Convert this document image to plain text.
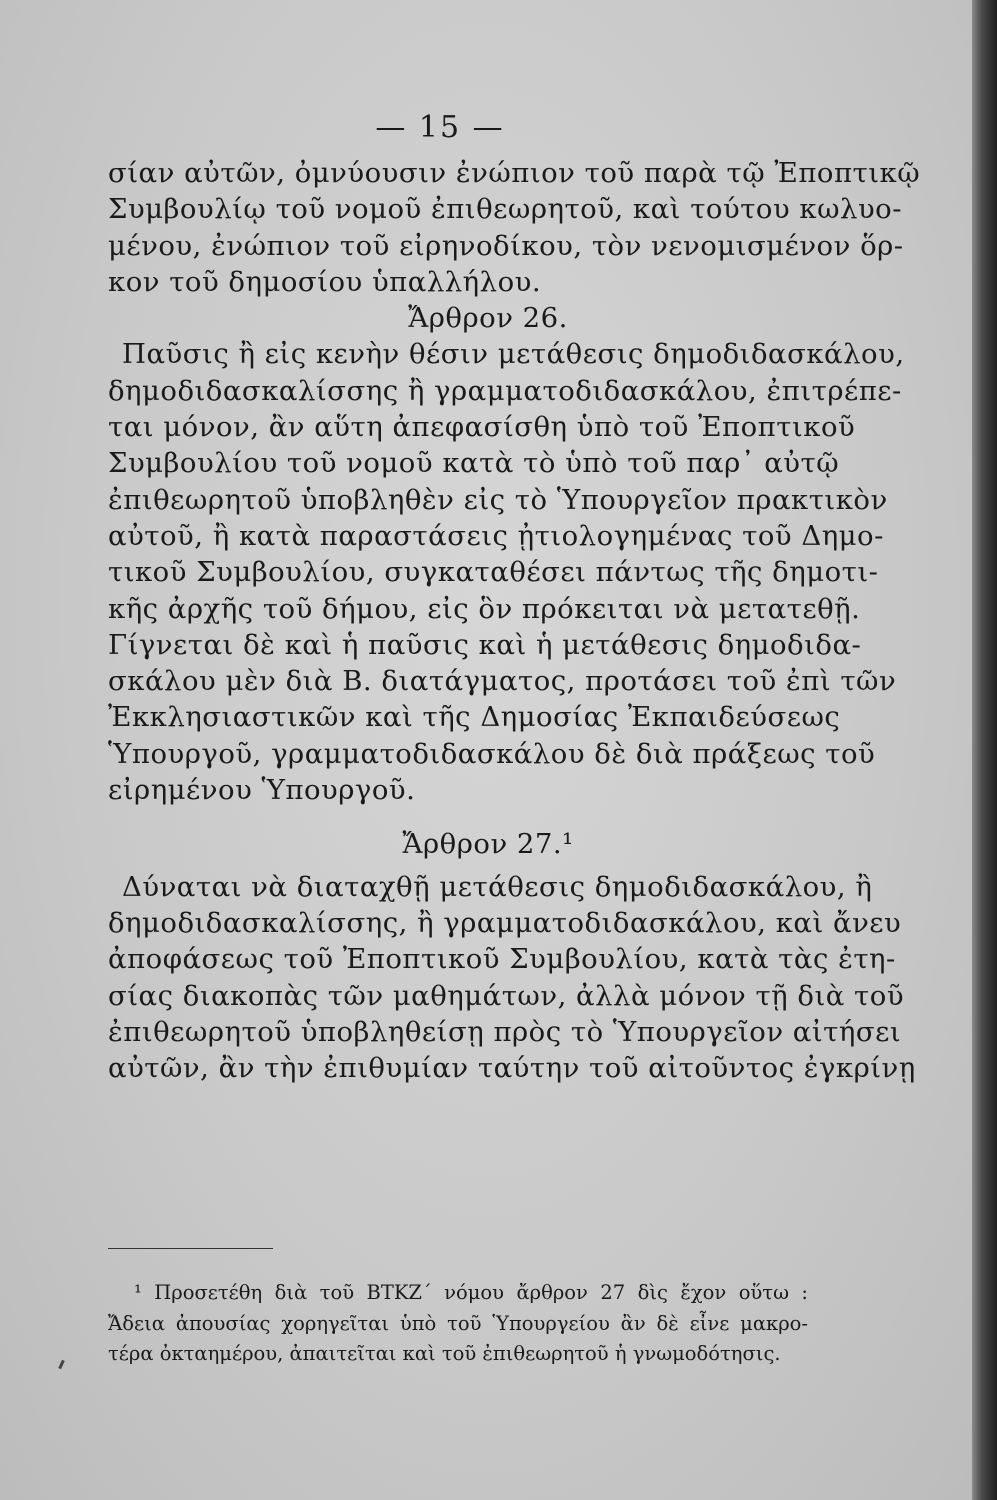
— 15 —
σίαν αὐτῶν, ὀμνύουσιν ἐνώπιον τοῦ παρὰ τῷ Ἐποπτικῷ
Συμβουλίῳ τοῦ νομοῦ ἐπιθεωρητοῦ, καὶ τούτου κωλυο-
μένου, ἐνώπιον τοῦ εἰρηνοδίκου, τὸν νενομισμένον ὅρ-
κον τοῦ δημοσίου ὑπαλλήλου.
Ἄρθρον 26.
Παῦσις ἢ εἰς κενὴν θέσιν μετάθεσις δημοδιδασκάλου,
δημοδιδασκαλίσσης ἢ γραμματοδιδασκάλου, ἐπιτρέπε-
ται μόνον, ἂν αὕτη ἀπεφασίσθη ὑπὸ τοῦ Ἐποπτικοῦ
Συμβουλίου τοῦ νομοῦ κατὰ τὸ ὑπὸ τοῦ παρ᾽ αὐτῷ
ἐπιθεωρητοῦ ὑποβληθὲν εἰς τὸ Ὑπουργεῖον πρακτικὸν
αὐτοῦ, ἢ κατὰ παραστάσεις ᾐτιολογημένας τοῦ Δημο-
τικοῦ Συμβουλίου, συγκαταθέσει πάντως τῆς δημοτι-
κῆς ἀρχῆς τοῦ δήμου, εἰς ὃν πρόκειται νὰ μετατεθῇ.
Γίγνεται δὲ καὶ ἡ παῦσις καὶ ἡ μετάθεσις δημοδιδα-
σκάλου μὲν διὰ Β. διατάγματος, προτάσει τοῦ ἐπὶ τῶν
Ἐκκλησιαστικῶν καὶ τῆς Δημοσίας Ἐκπαιδεύσεως
Ὑπουργοῦ, γραμματοδιδασκάλου δὲ διὰ πράξεως τοῦ
εἰρημένου Ὑπουργοῦ.
Ἄρθρον 27.¹
Δύναται νὰ διαταχθῇ μετάθεσις δημοδιδασκάλου, ἢ
δημοδιδασκαλίσσης, ἢ γραμματοδιδασκάλου, καὶ ἄνευ
ἀποφάσεως τοῦ Ἐποπτικοῦ Συμβουλίου, κατὰ τὰς ἐτη-
σίας διακοπὰς τῶν μαθημάτων, ἀλλὰ μόνον τῇ διὰ τοῦ
ἐπιθεωρητοῦ ὑποβληθείσῃ πρὸς τὸ Ὑπουργεῖον αἰτήσει
αὐτῶν, ἂν τὴν ἐπιθυμίαν ταύτην τοῦ αἰτοῦντος ἐγκρίνῃ
¹ Προσετέθη διὰ τοῦ ΒΤΚΖ´ νόμου ἄρθρον 27 δὶς ἔχον οὕτω :
Ἄδεια ἀπουσίας χορηγεῖται ὑπὸ τοῦ Ὑπουργείου ἂν δὲ εἶνε μακρο-
τέρα ὀκταημέρου, ἀπαιτεῖται καὶ τοῦ ἐπιθεωρητοῦ ἡ γνωμοδότησις.
